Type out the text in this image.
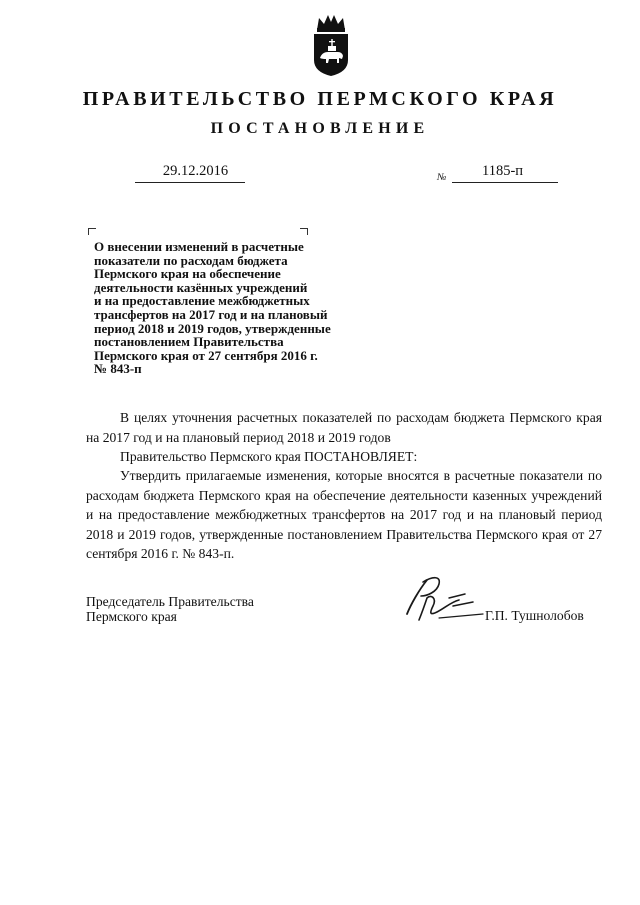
ПРАВИТЕЛЬСТВО ПЕРМСКОГО КРАЯ
ПОСТАНОВЛЕНИЕ
29.12.2016	№ 1185-п
О внесении изменений в расчетные
показатели по расходам бюджета
Пермского края на обеспечение
деятельности казённых учреждений
и на предоставление межбюджетных
трансфертов на 2017 год и на плановый
период 2018 и 2019 годов, утвержденные
постановлением Правительства
Пермского края от 27 сентября 2016 г.
№ 843-п
В целях уточнения расчетных показателей по расходам бюджета Пермского края на 2017 год и на плановый период 2018 и 2019 годов
Правительство Пермского края ПОСТАНОВЛЯЕТ:
Утвердить прилагаемые изменения, которые вносятся в расчетные показатели по расходам бюджета Пермского края на обеспечение деятельности казенных учреждений и на предоставление межбюджетных трансфертов на 2017 год и на плановый период 2018 и 2019 годов, утвержденные постановлением Правительства Пермского края от 27 сентября 2016 г. № 843-п.
Председатель Правительства
Пермского края	Г.П. Тушнолобов
